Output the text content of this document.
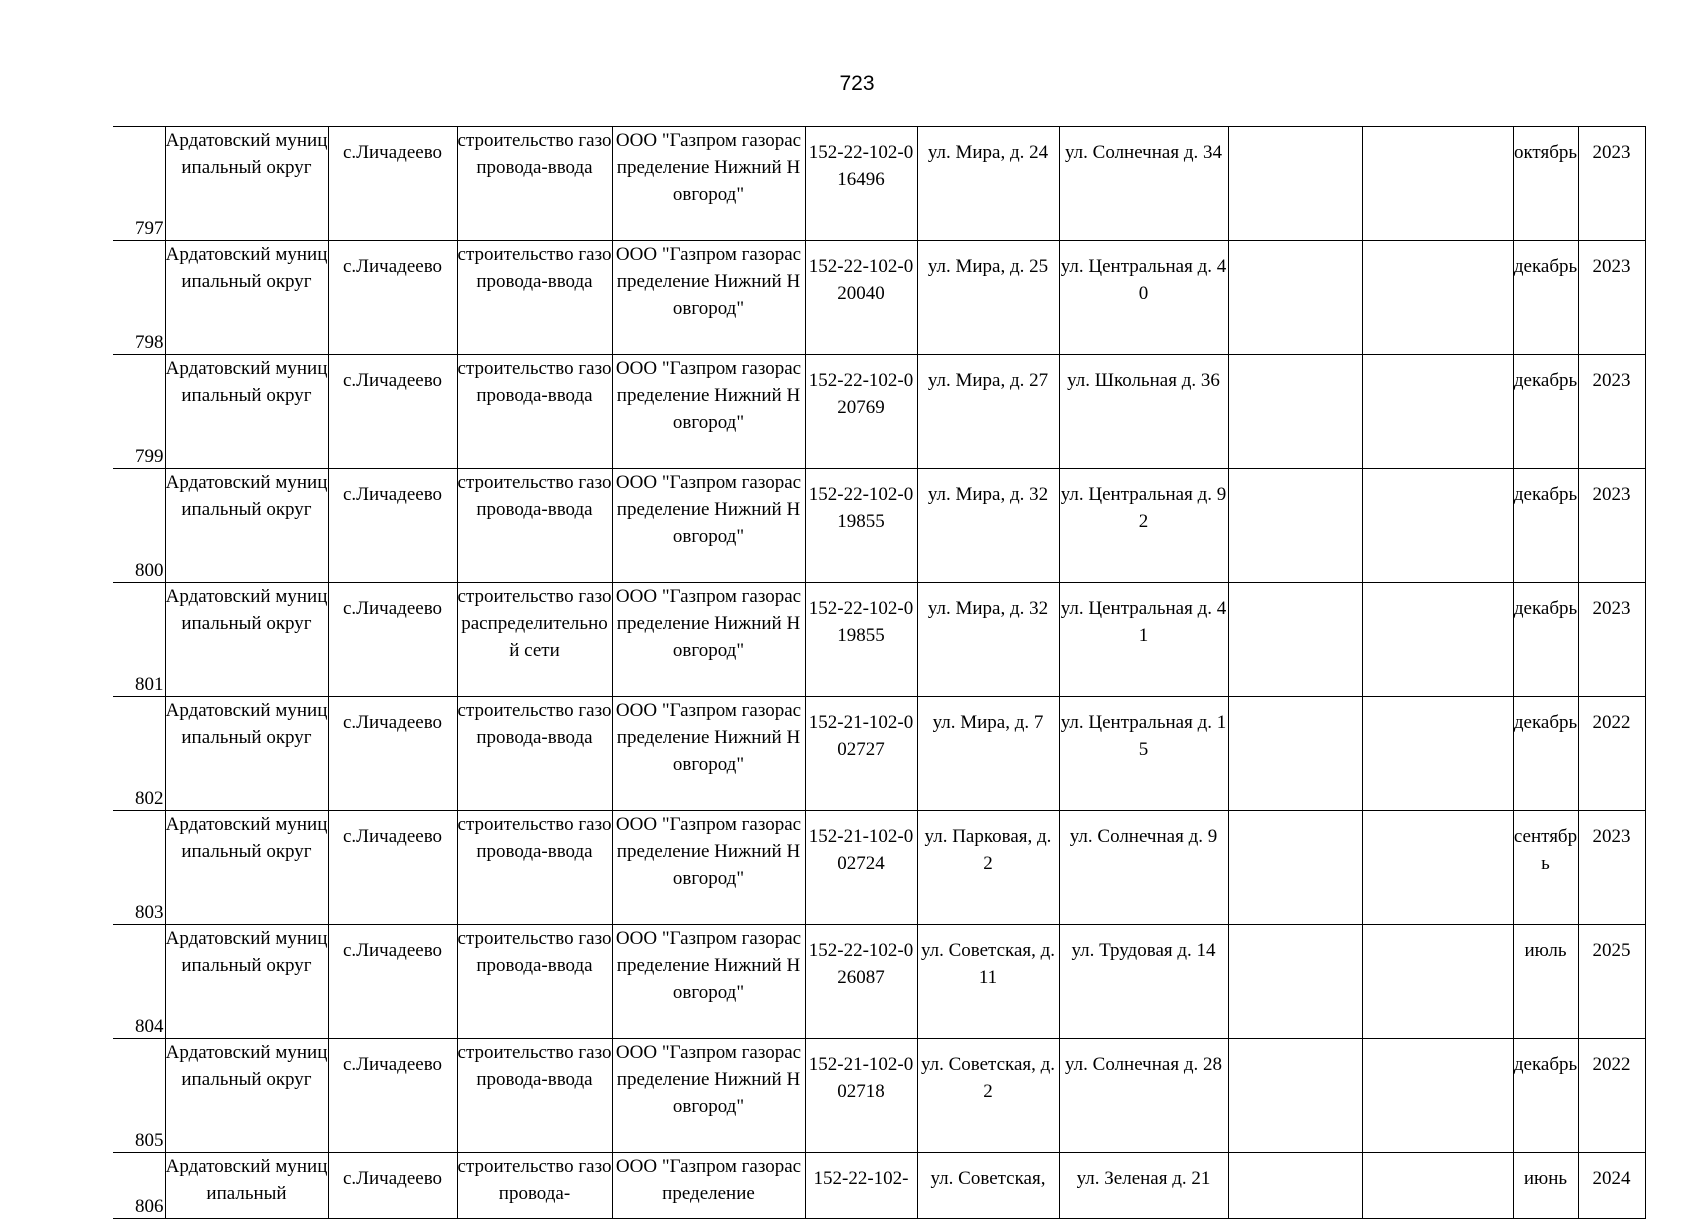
723
797	Ардатовский муниципальный округ	с.Личадеево	строительство газопровода-ввода	ООО "Газпром газораспределение Нижний Новгород"	152-22-102-016496	ул. Мира, д. 24	ул. Солнечная д. 34			октябрь	2023

798	Ардатовский муниципальный округ	с.Личадеево	строительство газопровода-ввода	ООО "Газпром газораспределение Нижний Новгород"	152-22-102-020040	ул. Мира, д. 25	ул. Центральная д. 40			декабрь	2023

799	Ардатовский муниципальный округ	с.Личадеево	строительство газопровода-ввода	ООО "Газпром газораспределение Нижний Новгород"	152-22-102-020769	ул. Мира, д. 27	ул. Школьная д. 36			декабрь	2023

800	Ардатовский муниципальный округ	с.Личадеево	строительство газопровода-ввода	ООО "Газпром газораспределение Нижний Новгород"	152-22-102-019855	ул. Мира, д. 32	ул. Центральная д. 92			декабрь	2023

801	Ардатовский муниципальный округ	с.Личадеево	строительство газораспределительной сети	ООО "Газпром газораспределение Нижний Новгород"	152-22-102-019855	ул. Мира, д. 32	ул. Центральная д. 41			декабрь	2023

802	Ардатовский муниципальный округ	с.Личадеево	строительство газопровода-ввода	ООО "Газпром газораспределение Нижний Новгород"	152-21-102-002727	ул. Мира, д. 7	ул. Центральная д. 15			декабрь	2022

803	Ардатовский муниципальный округ	с.Личадеево	строительство газопровода-ввода	ООО "Газпром газораспределение Нижний Новгород"	152-21-102-002724	ул. Парковая, д. 2	ул. Солнечная д. 9			сентябрь	2023

804	Ардатовский муниципальный округ	с.Личадеево	строительство газопровода-ввода	ООО "Газпром газораспределение Нижний Новгород"	152-22-102-026087	ул. Советская, д. 11	ул. Трудовая д. 14			июль	2025

805	Ардатовский муниципальный округ	с.Личадеево	строительство газопровода-ввода	ООО "Газпром газораспределение Нижний Новгород"	152-21-102-002718	ул. Советская, д. 2	ул. Солнечная д. 28			декабрь	2022

806	Ардатовский муниципальный	с.Личадеево	строительство газопровода-	ООО "Газпром газораспределение	152-22-102-	ул. Советская,	ул. Зеленая д. 21			июнь	2024
